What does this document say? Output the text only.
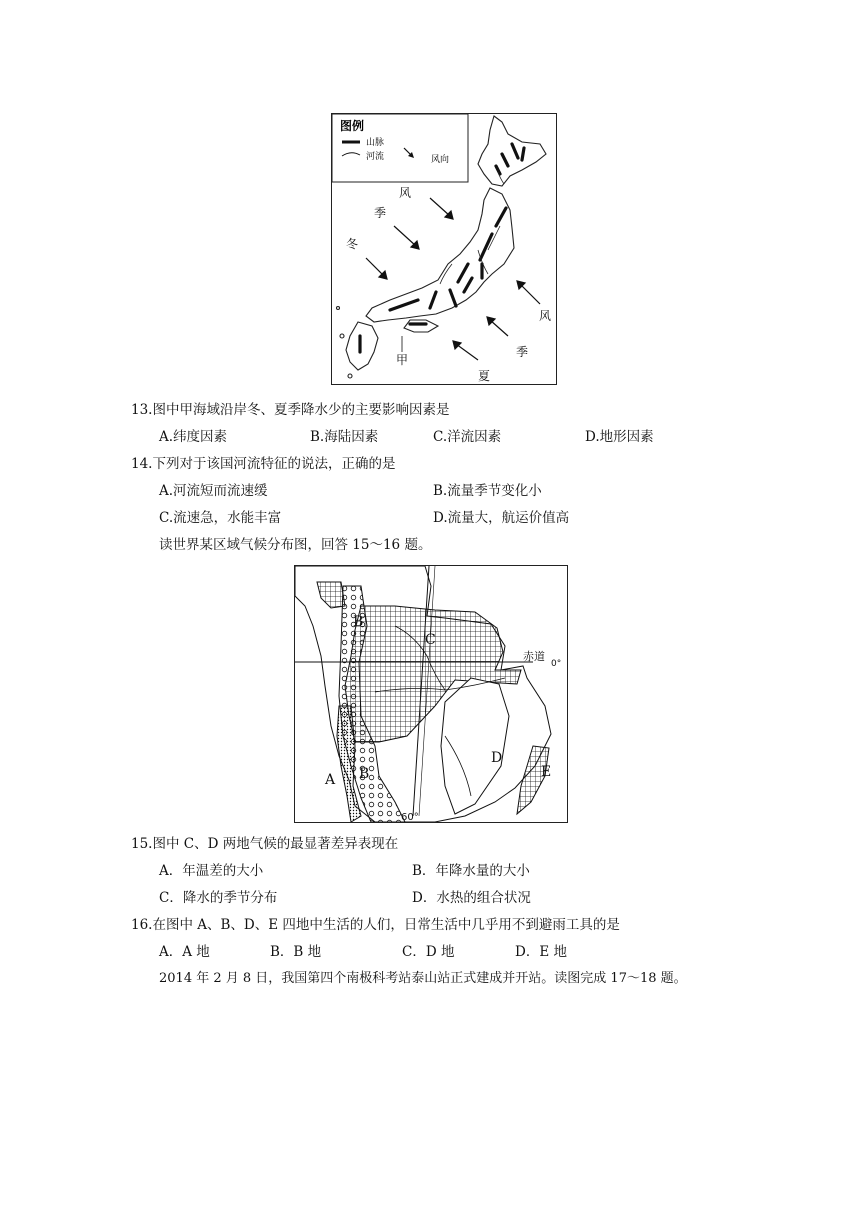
图例
山脉
河流	风向
风
季
冬
风
季
夏
甲
13.图中甲海域沿岸冬、夏季降水少的主要影响因素是
A.纬度因素	B.海陆因素	C.洋流因素	D.地形因素
14.下列对于该国河流特征的说法，正确的是
A.河流短而流速缓	B.流量季节变化小
C.流速急，水能丰富	D.流量大，航运价值高
读世界某区域气候分布图，回答 15～16 题。
B
C
D
E
A B
赤道
0°
60°
15.图中 C、D 两地气候的最显著差异表现在
A．年温差的大小	B．年降水量的大小
C．降水的季节分布	D．水热的组合状况
16.在图中 A、B、D、E 四地中生活的人们，日常生活中几乎用不到避雨工具的是
A．A 地	B．B 地	C．D 地	D．E 地
2014 年 2 月 8 日，我国第四个南极科考站泰山站正式建成并开站。读图完成 17～18 题。
